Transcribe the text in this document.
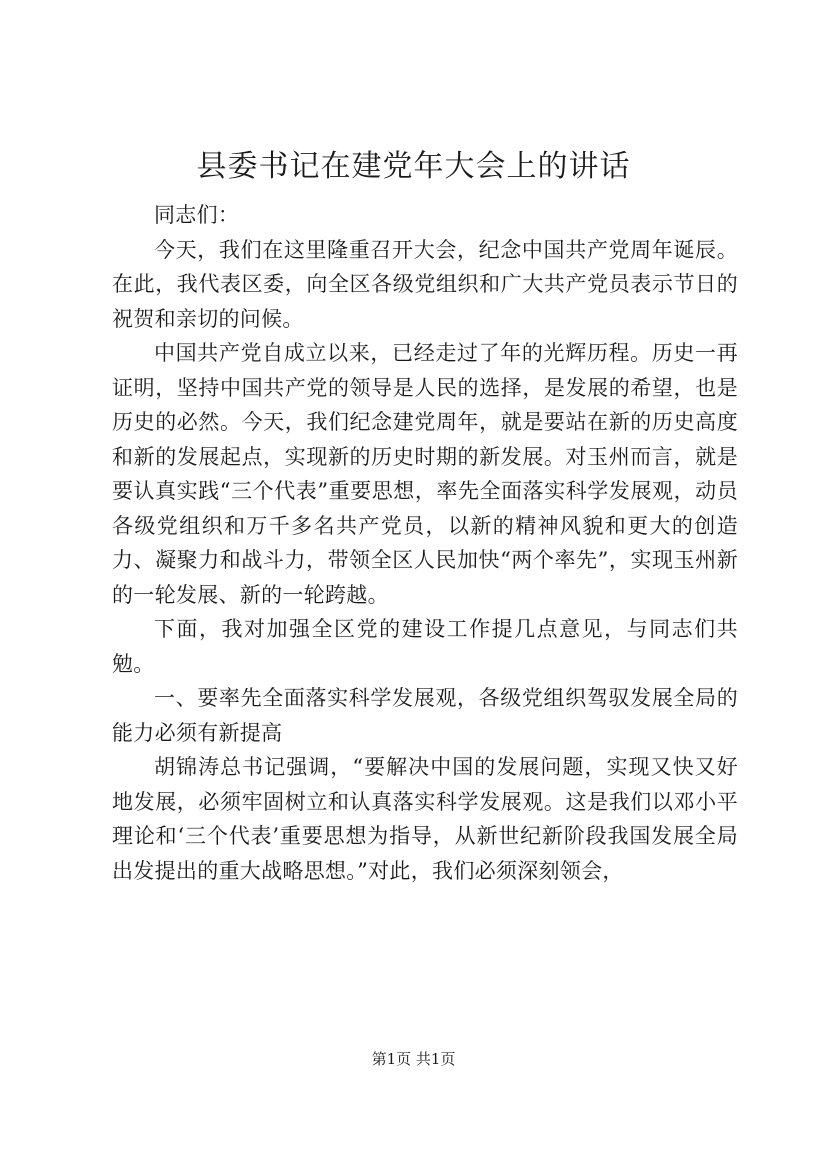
县委书记在建党年大会上的讲话

同志们：

今天，我们在这里隆重召开大会，纪念中国共产党周年诞辰。在此，我代表区委，向全区各级党组织和广大共产党员表示节日的祝贺和亲切的问候。

中国共产党自成立以来，已经走过了年的光辉历程。历史一再证明，坚持中国共产党的领导是人民的选择，是发展的希望，也是历史的必然。今天，我们纪念建党周年，就是要站在新的历史高度和新的发展起点，实现新的历史时期的新发展。对玉州而言，就是要认真实践“三个代表”重要思想，率先全面落实科学发展观，动员各级党组织和万千多名共产党员，以新的精神风貌和更大的创造力、凝聚力和战斗力，带领全区人民加快“两个率先”，实现玉州新的一轮发展、新的一轮跨越。

下面，我对加强全区党的建设工作提几点意见，与同志们共勉。

一、要率先全面落实科学发展观，各级党组织驾驭发展全局的能力必须有新提高

胡锦涛总书记强调，“要解决中国的发展问题，实现又快又好地发展，必须牢固树立和认真落实科学发展观。这是我们以邓小平理论和‘三个代表’重要思想为指导，从新世纪新阶段我国发展全局出发提出的重大战略思想。”对此，我们必须深刻领会，

第1页 共1页
